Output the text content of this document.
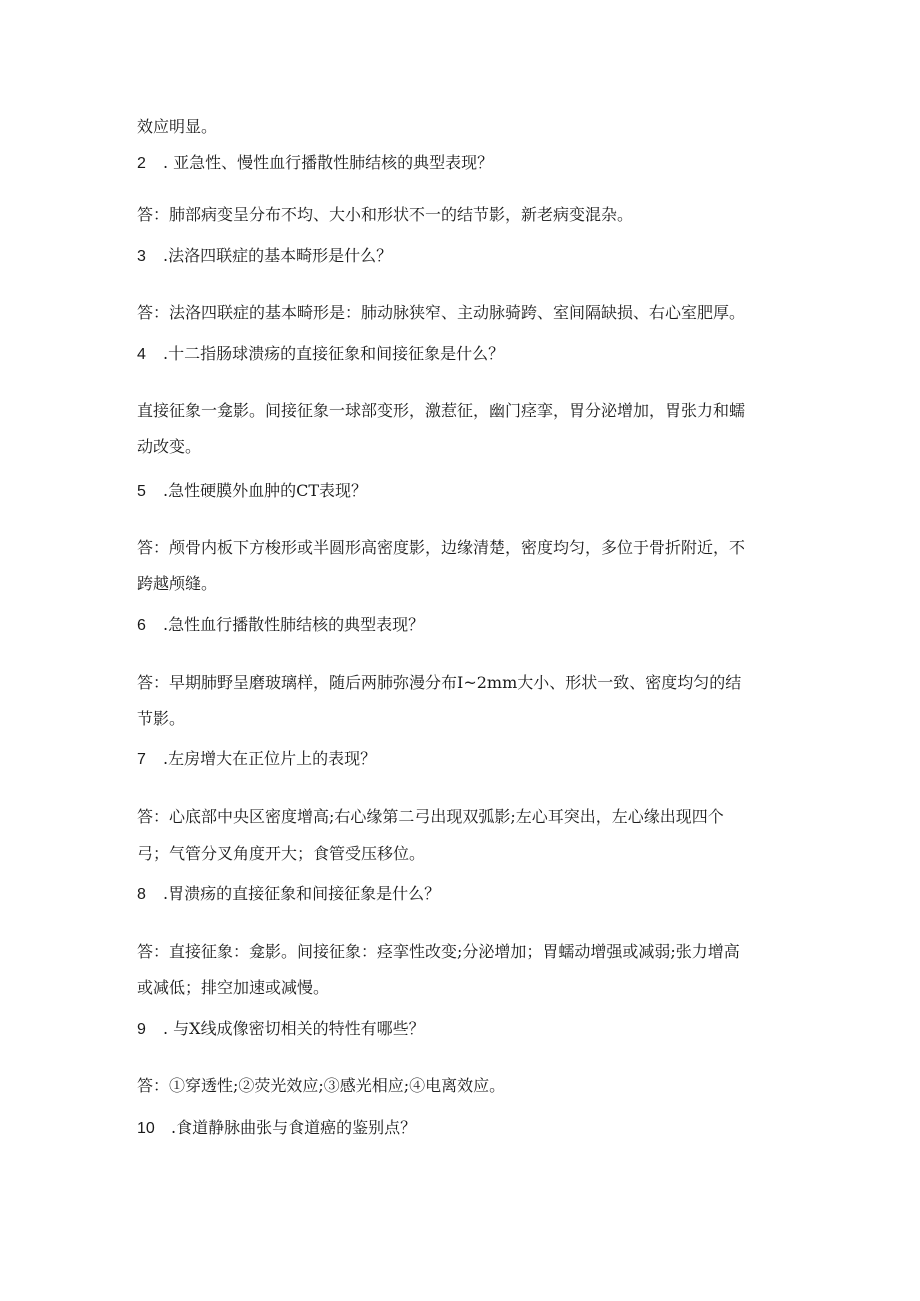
效应明显。
2 . 亚急性、慢性血行播散性肺结核的典型表现？
答：肺部病变呈分布不均、大小和形状不一的结节影，新老病变混杂。
3 .法洛四联症的基本畸形是什么？
答：法洛四联症的基本畸形是：肺动脉狭窄、主动脉骑跨、室间隔缺损、右心室肥厚。
4 .十二指肠球溃疡的直接征象和间接征象是什么？
直接征象一龛影。间接征象一球部变形，激惹征，幽门痉挛，胃分泌增加，胃张力和蠕
动改变。
5 .急性硬膜外血肿的CT表现？
答：颅骨内板下方梭形或半圆形高密度影，边缘清楚，密度均匀，多位于骨折附近，不
跨越颅缝。
6 .急性血行播散性肺结核的典型表现？
答：早期肺野呈磨玻璃样，随后两肺弥漫分布I~2mm大小、形状一致、密度均匀的结
节影。
7 .左房增大在正位片上的表现？
答：心底部中央区密度增高;右心缘第二弓出现双弧影;左心耳突出，左心缘出现四个
弓；气管分叉角度开大；食管受压移位。
8 .胃溃疡的直接征象和间接征象是什么？
答：直接征象：龛影。间接征象：痉挛性改变;分泌增加；胃蠕动增强或减弱;张力增高
或减低；排空加速或减慢。
9 . 与X线成像密切相关的特性有哪些？
答：①穿透性;②荧光效应;③感光相应;④电离效应。
10 .食道静脉曲张与食道癌的鉴别点？
